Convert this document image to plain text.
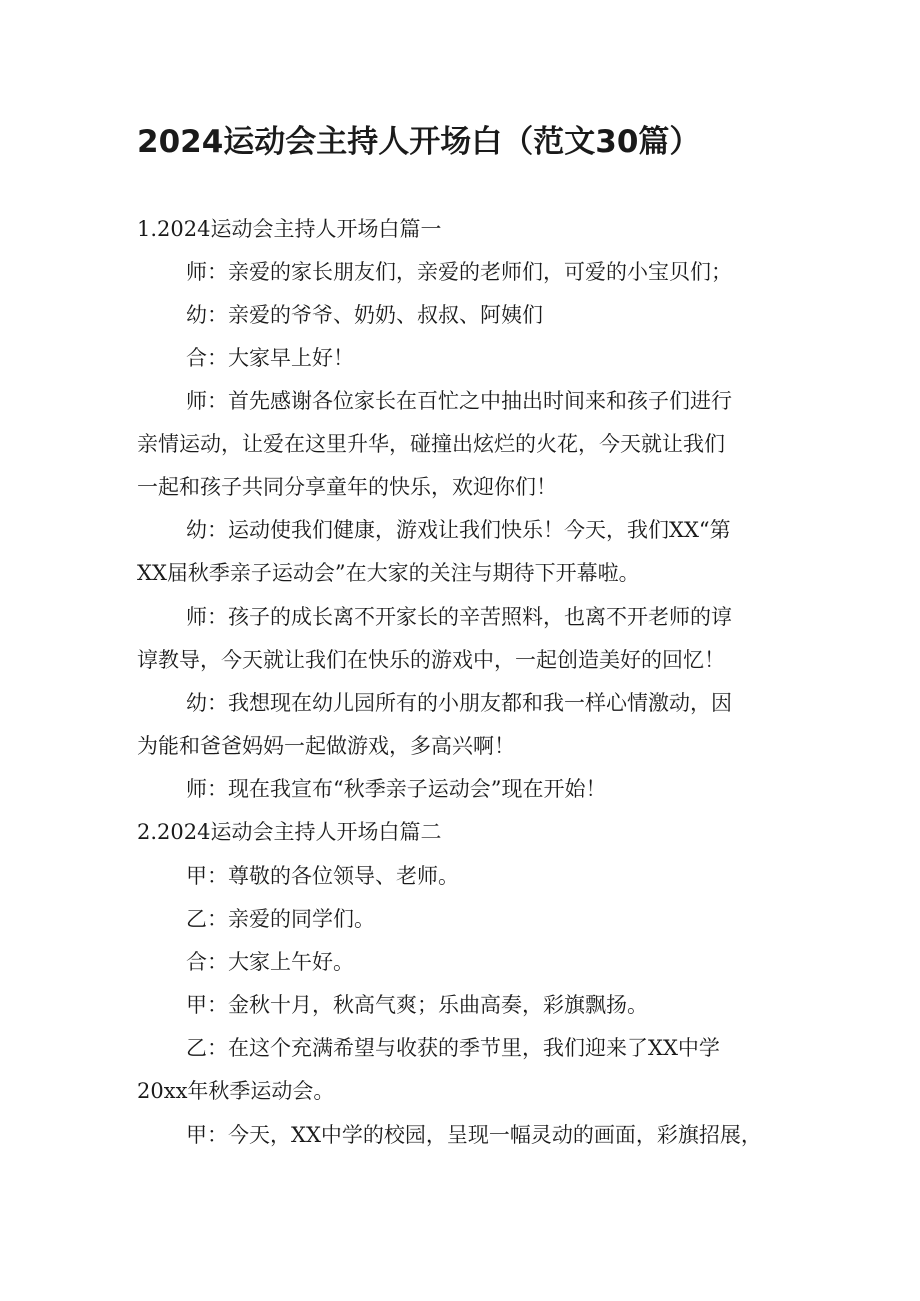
2024运动会主持人开场白（范文30篇）

1.2024运动会主持人开场白篇一

师：亲爱的家长朋友们，亲爱的老师们，可爱的小宝贝们；

幼：亲爱的爷爷、奶奶、叔叔、阿姨们

合：大家早上好！

师：首先感谢各位家长在百忙之中抽出时间来和孩子们进行

亲情运动，让爱在这里升华，碰撞出炫烂的火花，今天就让我们

一起和孩子共同分享童年的快乐，欢迎你们！

幼：运动使我们健康，游戏让我们快乐！今天，我们XX“第

XX届秋季亲子运动会”在大家的关注与期待下开幕啦。

师：孩子的成长离不开家长的辛苦照料，也离不开老师的谆

谆教导，今天就让我们在快乐的游戏中，一起创造美好的回忆！

幼：我想现在幼儿园所有的小朋友都和我一样心情激动，因

为能和爸爸妈妈一起做游戏，多高兴啊！

师：现在我宣布“秋季亲子运动会”现在开始！

2.2024运动会主持人开场白篇二

甲：尊敬的各位领导、老师。

乙：亲爱的同学们。

合：大家上午好。

甲：金秋十月，秋高气爽；乐曲高奏，彩旗飘扬。

乙：在这个充满希望与收获的季节里，我们迎来了XX中学

20xx年秋季运动会。

甲：今天，XX中学的校园，呈现一幅灵动的画面，彩旗招展，
